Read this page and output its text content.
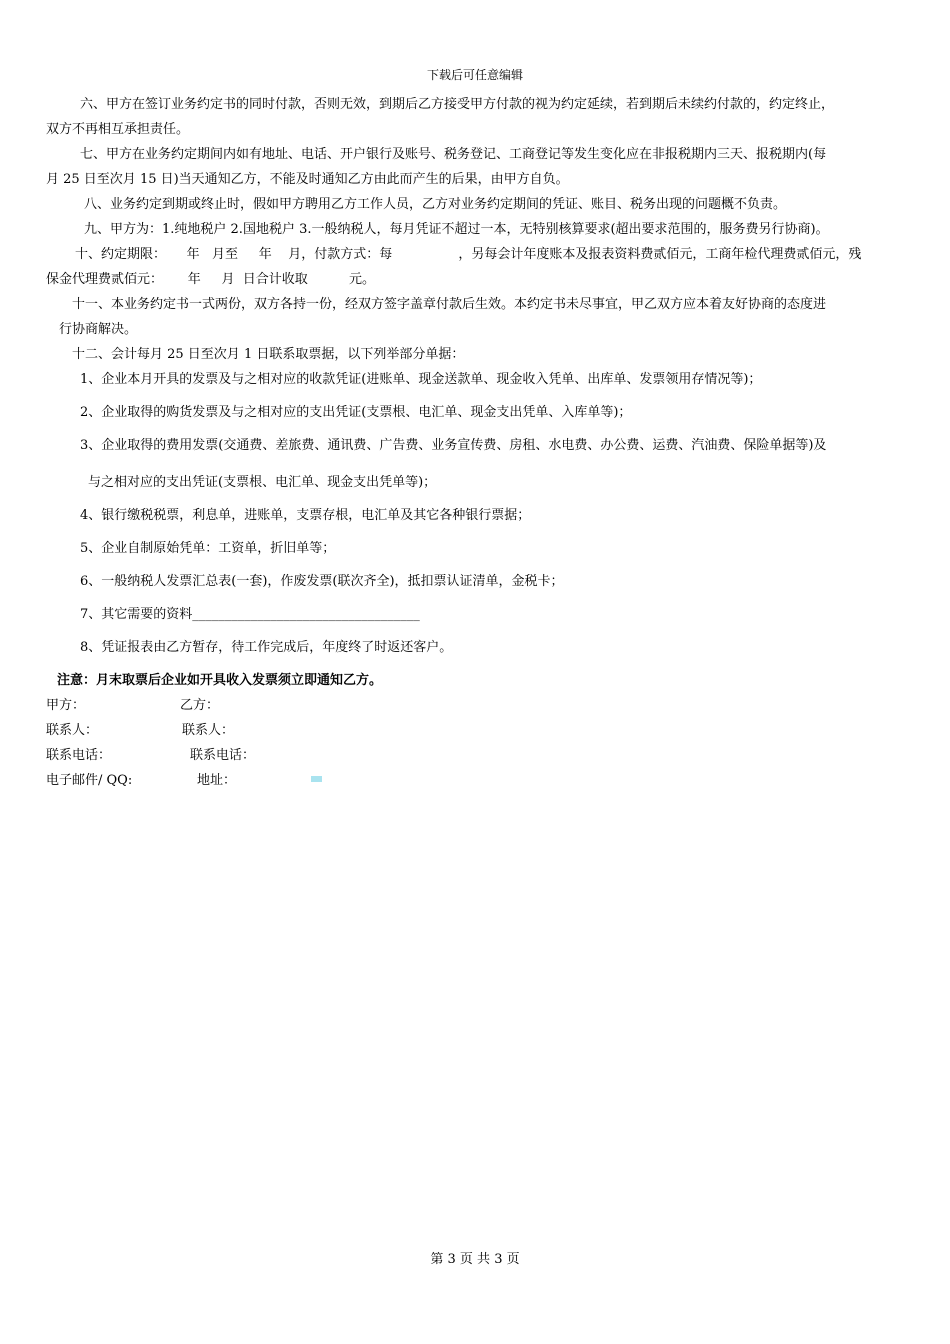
下载后可任意编辑
六、甲方在签订业务约定书的同时付款，否则无效，到期后乙方接受甲方付款的视为约定延续，若到期后未续约付款的，约定终止，
双方不再相互承担责任。
七、甲方在业务约定期间内如有地址、电话、开户银行及账号、税务登记、工商登记等发生变化应在非报税期内三天、报税期内(每
月 25 日至次月 15 日)当天通知乙方，不能及时通知乙方由此而产生的后果，由甲方自负。
八、业务约定到期或终止时，假如甲方聘用乙方工作人员，乙方对业务约定期间的凭证、账目、税务出现的问题概不负责。
九、甲方为：1.纯地税户 2.国地税户 3.一般纳税人，每月凭证不超过一本，无特别核算要求(超出要求范围的，服务费另行协商)。
十、约定期限：     年   月至     年    月，付款方式：每                ，另每会计年度账本及报表资料费贰佰元，工商年检代理费贰佰元，残
保金代理费贰佰元：      年     月  日合计收取          元。
十一、本业务约定书一式两份，双方各持一份，经双方签字盖章付款后生效。本约定书未尽事宜，甲乙双方应本着友好协商的态度进
行协商解决。
十二、会计每月 25 日至次月 1 日联系取票据，以下列举部分单据：
1、企业本月开具的发票及与之相对应的收款凭证(进账单、现金送款单、现金收入凭单、出库单、发票领用存情况等)；
2、企业取得的购货发票及与之相对应的支出凭证(支票根、电汇单、现金支出凭单、入库单等)；
3、企业取得的费用发票(交通费、差旅费、通讯费、广告费、业务宣传费、房租、水电费、办公费、运费、汽油费、保险单据等)及
与之相对应的支出凭证(支票根、电汇单、现金支出凭单等)；
4、银行缴税税票，利息单，进账单，支票存根，电汇单及其它各种银行票据；
5、企业自制原始凭单：工资单，折旧单等；
6、一般纳税人发票汇总表(一套)，作废发票(联次齐全)，抵扣票认证清单，金税卡；
7、其它需要的资料___________________________________
8、凭证报表由乙方暂存，待工作完成后，年度终了时返还客户。
注意：月末取票后企业如开具收入发票须立即通知乙方。
甲方：	乙方：
联系人：	联系人：
联系电话：	联系电话：
电子邮件/ QQ:	地址：
第 3 页 共 3 页
